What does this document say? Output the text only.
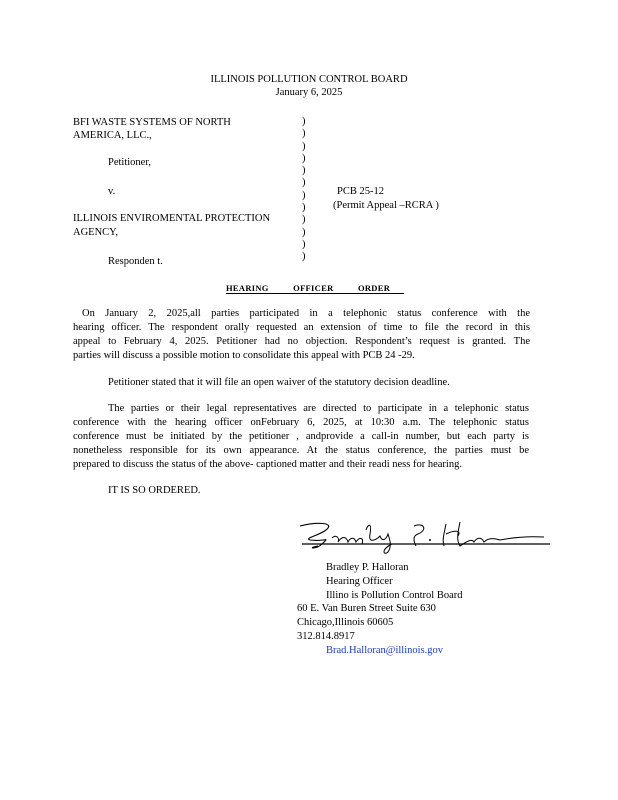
ILLINOIS POLLUTION CONTROL BOARD
January 6, 2025
BFI WASTE SYSTEMS OF NORTH
AMERICA, LLC.,
Petitioner,
v.
ILLINOIS ENVIROMENTAL PROTECTION
AGENCY,
Responden t.
)
)
)
)
)
)
)
)
)
)
)
)
PCB 25-12
(Permit Appeal –RCRA )
HEARING	OFFICER	ORDER
On January 2, 2025,all parties participated in a telephonic status conference with the
hearing officer. The respondent orally requested an extension of time to file the record in this
appeal to February 4, 2025. Petitioner had no objection. Respondent’s request is granted. The
parties will discuss a possible motion to consolidate this appeal with PCB 24 -29.
Petitioner stated that it will file an open waiver of the statutory decision deadline.
The parties or their legal representatives are directed to participate in a telephonic status
conference with the hearing officer onFebruary 6, 2025, at 10:30 a.m. The telephonic status
conference must be initiated by the petitioner , andprovide a call-in number, but each party is
nonetheless responsible for its own appearance. At the status conference, the parties must be
prepared to discuss the status of the above- captioned matter and their readi ness for hearing.
IT IS SO ORDERED.
Bradley P. Halloran
Hearing Officer
Illino is Pollution Control Board
60 E. Van Buren Street Suite 630
Chicago,Illinois 60605
312.814.8917
Brad.Halloran@illinois.gov
